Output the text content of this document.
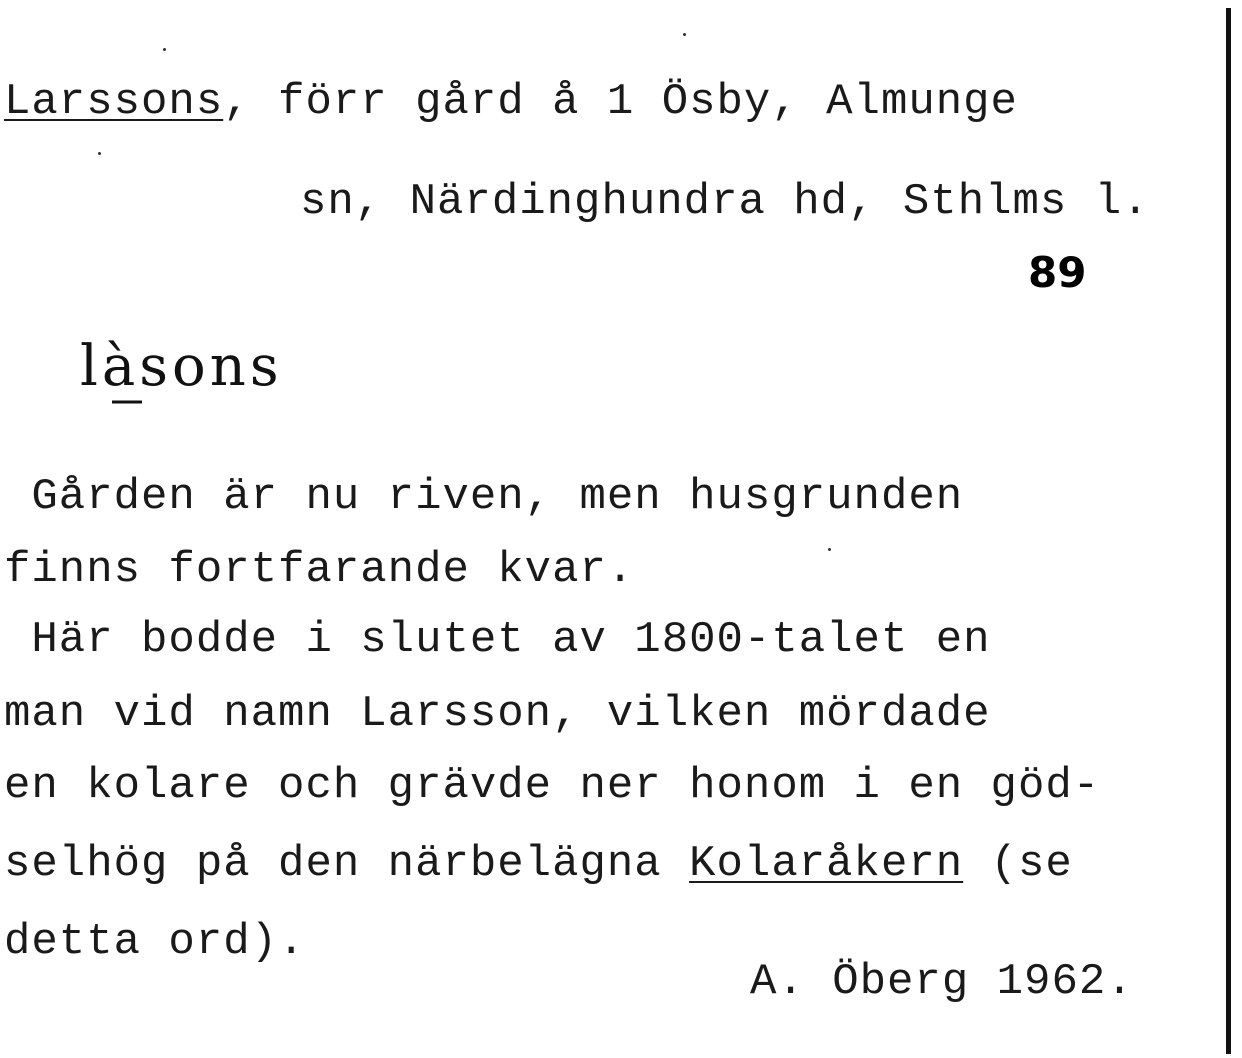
Larssons, förr gård å 1 Ösby, Almunge
sn, Närdinghundra hd, Sthlms l.
89
làsons
Gården är nu riven, men husgrunden
finns fortfarande kvar.
Här bodde i slutet av 1800-talet en
man vid namn Larsson, vilken mördade
en kolare och grävde ner honom i en göd-
selhög på den närbelägna Kolaråkern (se
detta ord).
A. Öberg 1962.
